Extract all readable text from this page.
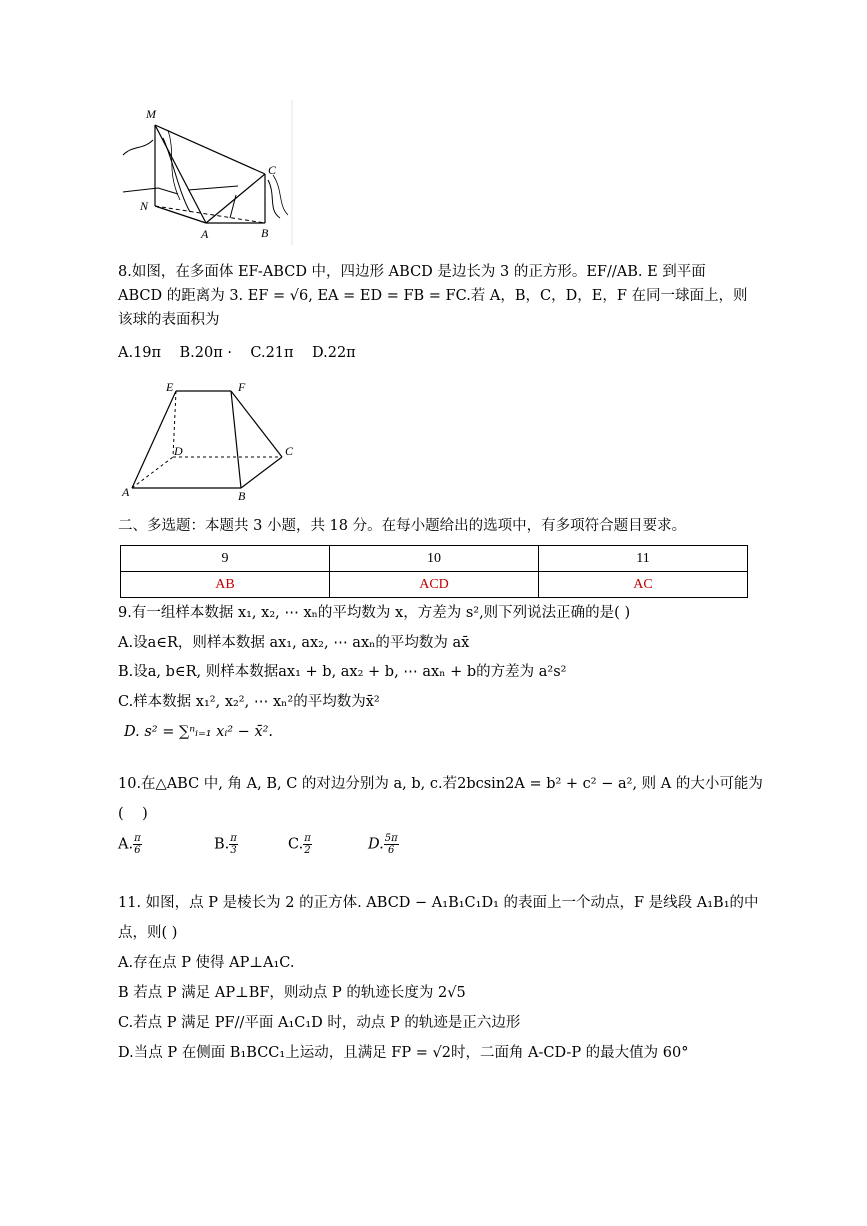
M
C
N
A	B
8.如图，在多面体 EF-ABCD 中，四边形 ABCD 是边长为 3 的正方形。EF//AB. E 到平面
ABCD 的距离为 3. EF = √6, EA = ED = FB = FC.若 A，B，C，D，E，F 在同一球面上，则
该球的表面积为
A.19π    B.20π ·    C.21π    D.22π
E	F
D	C
A	B
二、多选题：本题共 3 小题，共 18 分。在每小题给出的选项中，有多项符合题目要求。
9	10	11
AB	ACD	AC
9.有一组样本数据 x₁, x₂, ⋯ xₙ的平均数为 x，方差为 s²,则下列说法正确的是( )
A.设a∈R，则样本数据 ax₁, ax₂, ⋯ axₙ的平均数为 ax̄
B.设a, b∈R, 则样本数据ax₁ + b, ax₂ + b, ⋯ axₙ + b的方差为 a²s²
C.样本数据 x₁², x₂², ⋯ xₙ²的平均数为x̄²
D. s² = ∑ⁿᵢ₌₁ xᵢ² − x̄².
10.在△ABC 中, 角 A, B, C 的对边分别为 a, b, c.若2bcsin2A = b² + c² − a², 则 A 的大小可能为
(    )
A. $\frac{\pi}{6}$	B. $\frac{\pi}{3}$	C. $\frac{\pi}{2}$	D. $\frac{5\pi}{6}$
11. 如图，点 P 是棱长为 2 的正方体. ABCD − A₁B₁C₁D₁ 的表面上一个动点，F 是线段 A₁B₁的中
点，则( )
A.存在点 P 使得 AP⊥A₁C.
B 若点 P 满足 AP⊥BF，则动点 P 的轨迹长度为 2√5
C.若点 P 满足 PF//平面 A₁C₁D 时，动点 P 的轨迹是正六边形
D.当点 P 在侧面 B₁BCC₁上运动，且满足 FP = √2时，二面角 A-CD-P 的最大值为 60°
